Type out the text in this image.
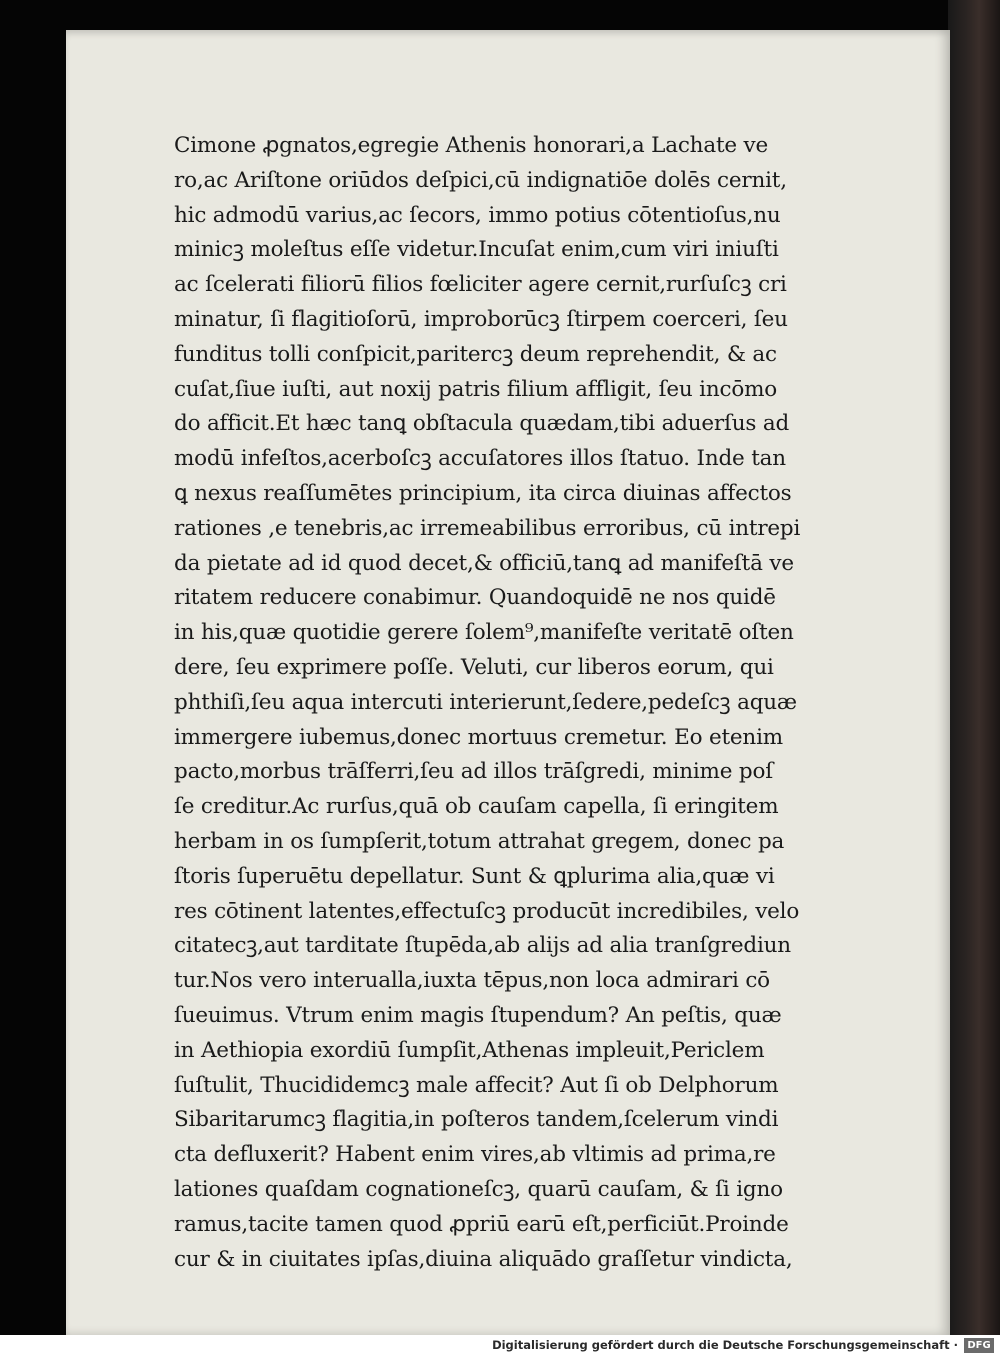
Cimone ꝓgnatos,egregie Athenis honorari,a Lachate ve
ro,ac Ariſtone oriūdos deſpici,cū indignatiōe dolēs cernit,
hic admodū varius,ac ſecors, immo potius cōtentioſus,nu
minicꝫ moleſtus eſſe videtur.Incuſat enim,cum viri iniuſti
ac ſcelerati filiorū filios fœliciter agere cernit,rurſuſcꝫ cri
minatur, ſi flagitioſorū, improborūcꝫ ſtirpem coerceri, ſeu
funditus tolli conſpicit,paritercꝫ deum reprehendit, & ac
cuſat,ſiue iuſti, aut noxij patris filium affligit, ſeu incōmo
do afficit.Et hæc tanꝗ obſtacula quædam,tibi aduerſus ad
modū infeſtos,acerboſcꝫ accuſatores illos ſtatuo. Inde tan
ꝗ nexus reaſſumētes principium, ita circa diuinas affectos
rationes ,e tenebris,ac irremeabilibus erroribus, cū intrepi
da pietate ad id quod decet,& officiū,tanꝗ ad manifeſtā ve
ritatem reducere conabimur. Quandoquidē ne nos quidē
in his,quæ quotidie gerere ſolem⁹,manifeſte veritatē oſten
dere, ſeu exprimere poſſe. Veluti, cur liberos eorum, qui
phthiſi,ſeu aqua intercuti interierunt,ſedere,pedeſcꝫ aquæ
immergere iubemus,donec mortuus cremetur. Eo etenim
pacto,morbus trāſferri,ſeu ad illos trāſgredi, minime poſ
ſe creditur.Ac rurſus,quā ob cauſam capella, ſi eringitem
herbam in os ſumpſerit,totum attrahat gregem, donec pa
ſtoris ſuperuētu depellatur. Sunt & ꝗplurima alia,quæ vi
res cōtinent latentes,effectuſcꝫ producūt incredibiles, velo
citatecꝫ,aut tarditate ſtupēda,ab alijs ad alia tranſgrediun
tur.Nos vero interualla,iuxta tēpus,non loca admirari cō
ſueuimus. Vtrum enim magis ſtupendum? An peſtis, quæ
in Aethiopia exordiū ſumpſit,Athenas impleuit,Periclem
ſuſtulit, Thucididemcꝫ male affecit? Aut ſi ob Delphorum
Sibaritarumcꝫ flagitia,in poſteros tandem,ſcelerum vindi
cta defluxerit? Habent enim vires,ab vltimis ad prima,re
lationes quaſdam cognationeſcꝫ, quarū cauſam, & ſi igno
ramus,tacite tamen quod ꝓpriū earū eſt,perficiūt.Proinde
cur & in ciuitates ipſas,diuina aliquādo graſſetur vindicta,
Digitalisierung gefördert durch die Deutsche Forschungsgemeinschaft · DFG
